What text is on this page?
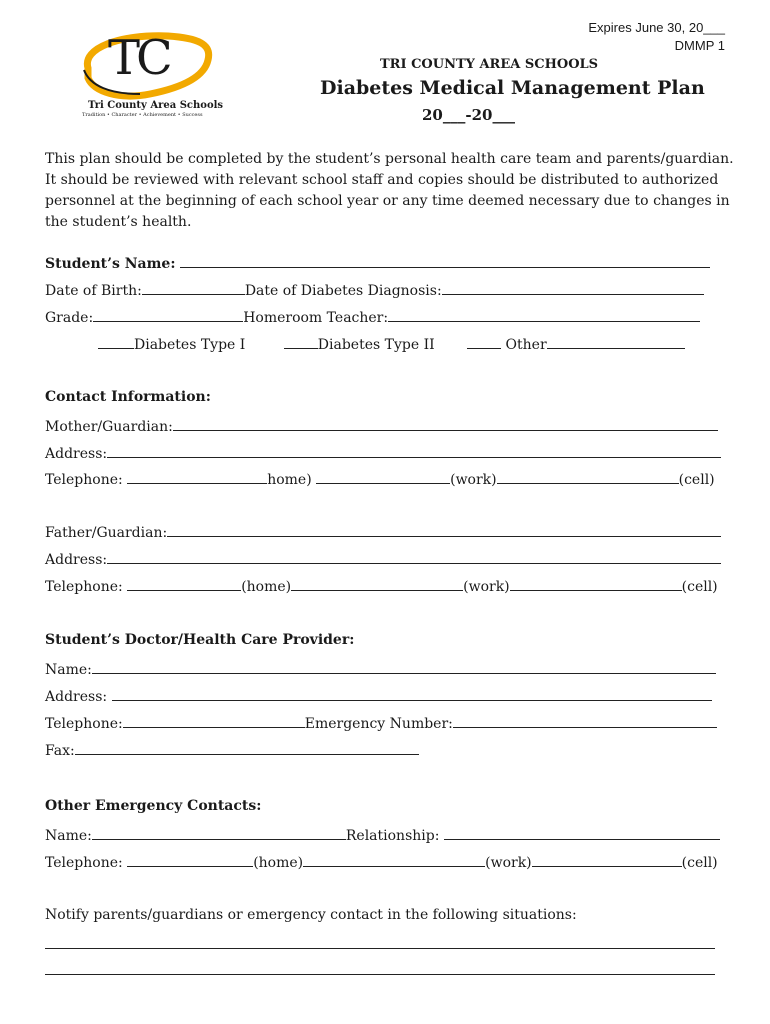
Expires June 30, 20___
DMMP 1
TRI COUNTY AREA SCHOOLS
Diabetes Medical Management Plan
20___-20___
TC
Tri County Area Schools
Tradition • Character • Achievement • Success
This plan should be completed by the student’s personal health care team and parents/guardian. It should be reviewed with relevant school staff and copies should be distributed to authorized personnel at the beginning of each school year or any time deemed necessary due to changes in the student’s health.
Student’s Name:
Date of Birth:	Date of Diabetes Diagnosis:
Grade:	Homeroom Teacher:
Diabetes Type I	Diabetes Type II	Other
Contact Information:
Mother/Guardian:
Address:
Telephone:	home)	(work)	(cell)
Father/Guardian:
Address:
Telephone:	(home)	(work)	(cell)
Student’s Doctor/Health Care Provider:
Name:
Address:
Telephone:	Emergency Number:
Fax:
Other Emergency Contacts:
Name:	Relationship:
Telephone:	(home)	(work)	(cell)
Notify parents/guardians or emergency contact in the following situations:
